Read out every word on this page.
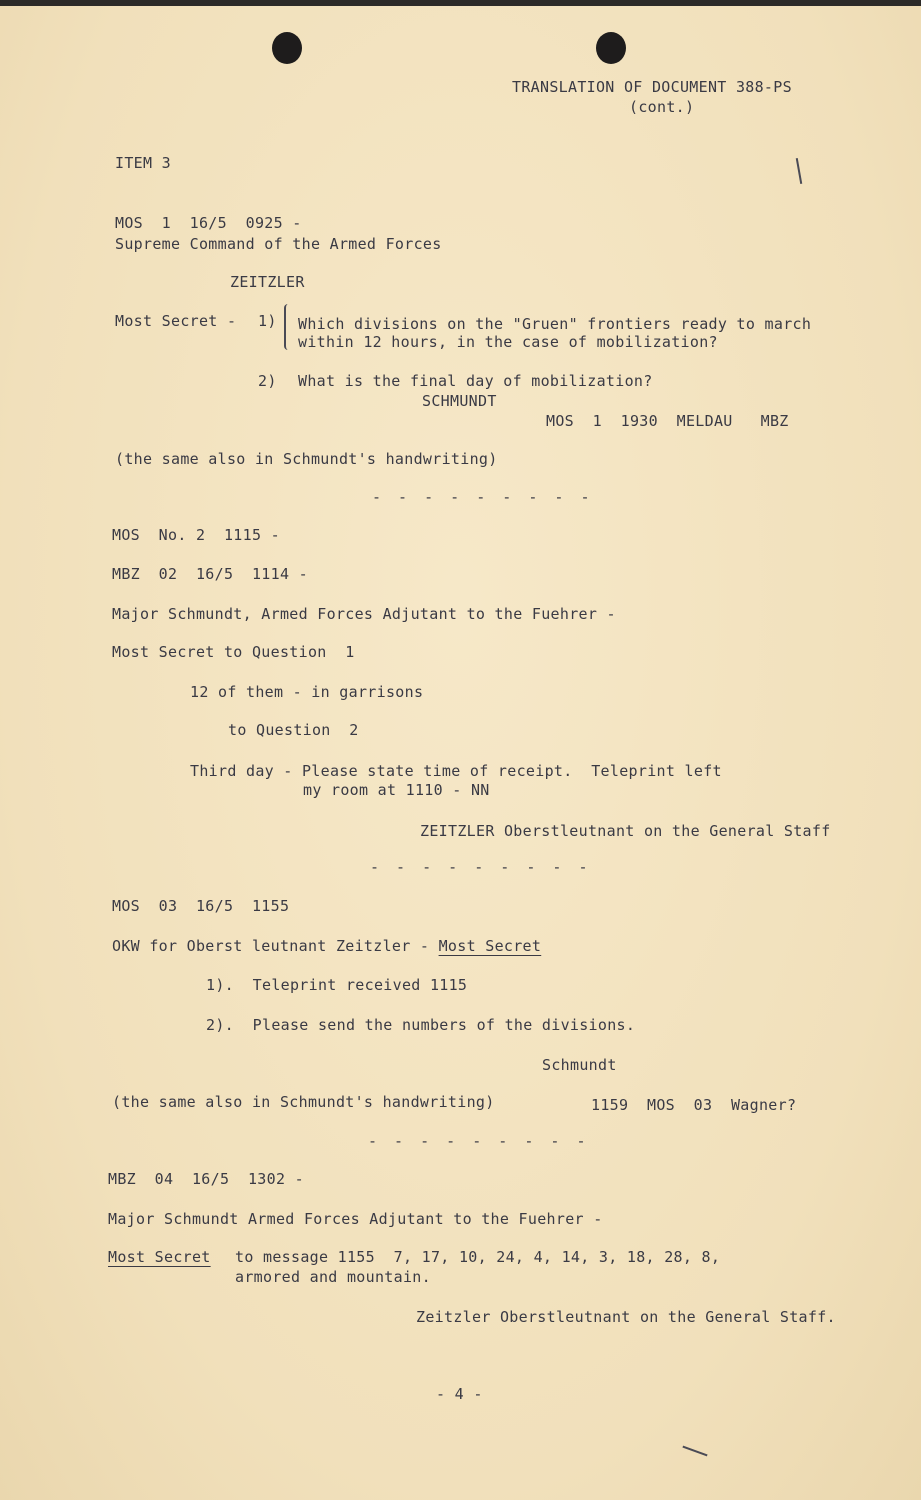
TRANSLATION OF DOCUMENT 388-PS
(cont.)
ITEM 3
MOS  1  16/5  0925 -
Supreme Command of the Armed Forces
ZEITZLER
Most Secret - 1) Which divisions on the "Gruen" frontiers ready to march
within 12 hours, in the case of mobilization?
2) What is the final day of mobilization?
SCHMUNDT
MOS  1  1930  MELDAU   MBZ
(the same also in Schmundt's handwriting)
- - - - - - - - -
MOS  No. 2  1115 -
MBZ  02  16/5  1114 -
Major Schmundt, Armed Forces Adjutant to the Fuehrer -
Most Secret to Question  1
12 of them - in garrisons
to Question  2
Third day - Please state time of receipt.  Teleprint left
my room at 1110 - NN
ZEITZLER Oberstleutnant on the General Staff
- - - - - - - - -
MOS  03  16/5  1155
OKW for Oberst leutnant Zeitzler - Most Secret
1).  Teleprint received 1115
2).  Please send the numbers of the divisions.
Schmundt
(the same also in Schmundt's handwriting)	1159  MOS  03  Wagner?
- - - - - - - - -
MBZ  04  16/5  1302 -
Major Schmundt Armed Forces Adjutant to the Fuehrer -
Most Secret to message 1155  7, 17, 10, 24, 4, 14, 3, 18, 28, 8,
armored and mountain.
Zeitzler Oberstleutnant on the General Staff.
- 4 -
